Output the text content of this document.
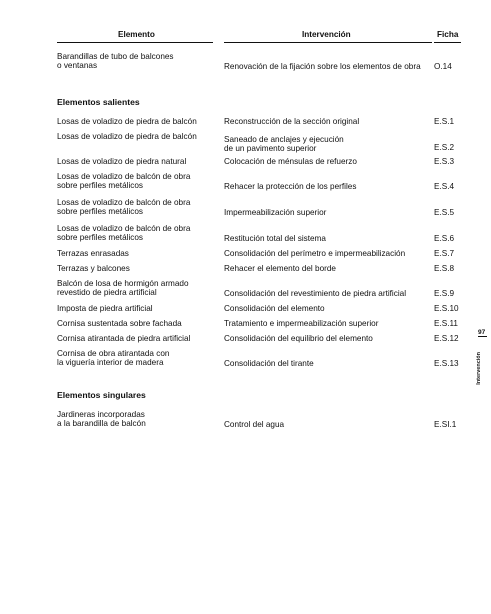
Elemento	Intervención	Ficha
Barandillas de tubo de balcones
o ventanas	Renovación de la fijación sobre los elementos de obra	O.14
Elementos salientes
Losas de voladizo de piedra de balcón	Reconstrucción de la sección original	E.S.1
Losas de voladizo de piedra de balcón	Saneado de anclajes y ejecución
de un pavimento superior	E.S.2
Losas de voladizo de piedra natural	Colocación de ménsulas de refuerzo	E.S.3
Losas de voladizo de balcón de obra
sobre perfiles metálicos	Rehacer la protección de los perfiles	E.S.4
Losas de voladizo de balcón de obra
sobre perfiles metálicos	Impermeabilización superior	E.S.5
Losas de voladizo de balcón de obra
sobre perfiles metálicos	Restitución total del sistema	E.S.6
Terrazas enrasadas	Consolidación del perímetro e impermeabilización	E.S.7
Terrazas y balcones	Rehacer el elemento del borde	E.S.8
Balcón de losa de hormigón armado
revestido de piedra artificial	Consolidación del revestimiento de piedra artificial	E.S.9
Imposta de piedra artificial	Consolidación del elemento	E.S.10
Cornisa sustentada sobre fachada	Tratamiento e impermeabilización superior	E.S.11
Cornisa atirantada de piedra artificial	Consolidación del equilibrio del elemento	E.S.12
Cornisa de obra atirantada con
la viguería interior de madera	Consolidación del tirante	E.S.13
Elementos singulares
Jardineras incorporadas
a la barandilla de balcón	Control del agua	E.SI.1
97
Intervención
